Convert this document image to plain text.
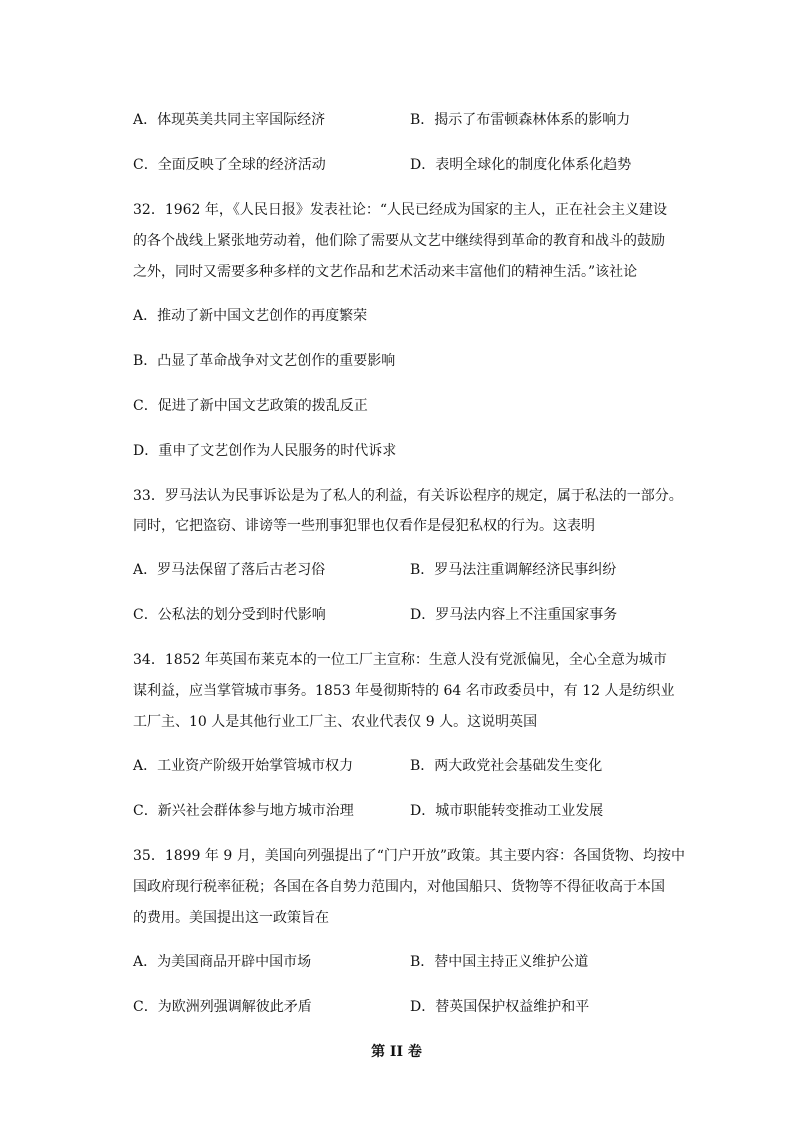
A．体现英美共同主宰国际经济	B．揭示了布雷顿森林体系的影响力
C．全面反映了全球的经济活动	D．表明全球化的制度化体系化趋势
32．1962 年，《人民日报》发表社论：“人民已经成为国家的主人，正在社会主义建设
的各个战线上紧张地劳动着，他们除了需要从文艺中继续得到革命的教育和战斗的鼓励
之外，同时又需要多种多样的文艺作品和艺术活动来丰富他们的精神生活。”该社论
A．推动了新中国文艺创作的再度繁荣
B．凸显了革命战争对文艺创作的重要影响
C．促进了新中国文艺政策的拨乱反正
D．重申了文艺创作为人民服务的时代诉求
33．罗马法认为民事诉讼是为了私人的利益，有关诉讼程序的规定，属于私法的一部分。
同时，它把盗窃、诽谤等一些刑事犯罪也仅看作是侵犯私权的行为。这表明
A．罗马法保留了落后古老习俗	B．罗马法注重调解经济民事纠纷
C．公私法的划分受到时代影响	D．罗马法内容上不注重国家事务
34．1852 年英国布莱克本的一位工厂主宣称：生意人没有党派偏见，全心全意为城市
谋利益，应当掌管城市事务。1853 年曼彻斯特的 64 名市政委员中，有 12 人是纺织业
工厂主、10 人是其他行业工厂主、农业代表仅 9 人。这说明英国
A．工业资产阶级开始掌管城市权力	B．两大政党社会基础发生变化
C．新兴社会群体参与地方城市治理	D．城市职能转变推动工业发展
35．1899 年 9 月，美国向列强提出了“门户开放”政策。其主要内容：各国货物、均按中
国政府现行税率征税；各国在各自势力范围内，对他国船只、货物等不得征收高于本国
的费用。美国提出这一政策旨在
A．为美国商品开辟中国市场	B．替中国主持正义维护公道
C．为欧洲列强调解彼此矛盾	D．替英国保护权益维护和平
第 II 卷
